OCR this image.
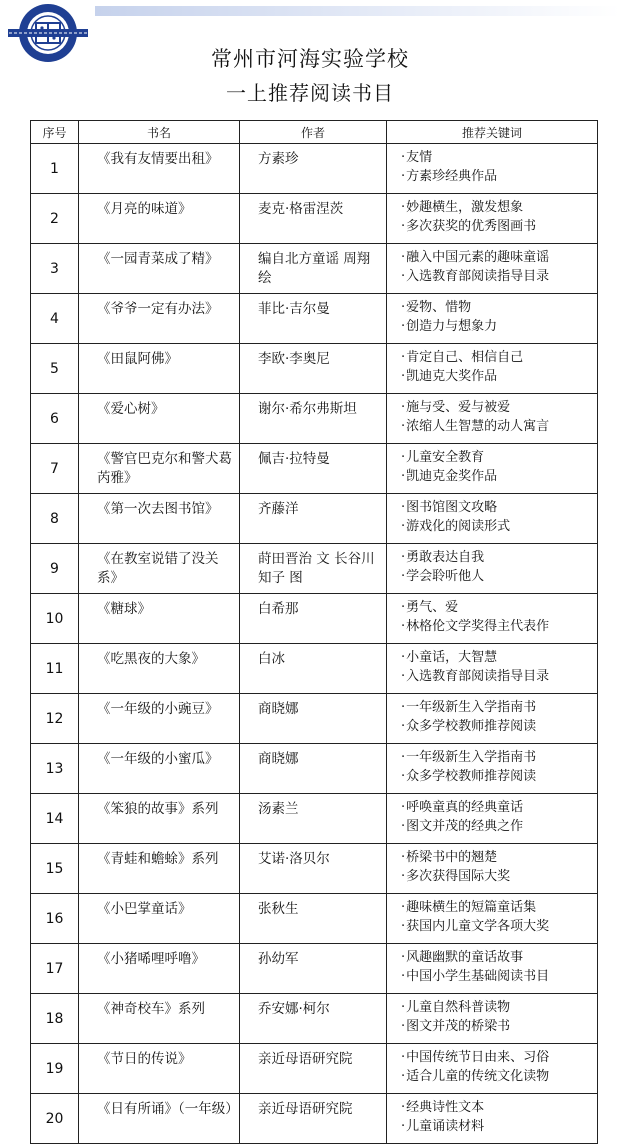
常州市河海实验学校
一上推荐阅读书目
序号	书名	作者	推荐关键词
1	《我有友情要出租》	方素珍	· 友情
· 方素珍经典作品

2	《月亮的味道》	麦克·格雷涅茨	· 妙趣横生，激发想象
· 多次获奖的优秀图画书

3	《一园青菜成了精》	编自北方童谣 周翔 绘	· 融入中国元素的趣味童谣
· 入选教育部阅读指导目录

4	《爷爷一定有办法》	菲比·吉尔曼	· 爱物、惜物
· 创造力与想象力

5	《田鼠阿佛》	李欧·李奥尼	· 肯定自己、相信自己
· 凯迪克大奖作品

6	《爱心树》	谢尔·希尔弗斯坦	· 施与受、爱与被爱
· 浓缩人生智慧的动人寓言

7	《警官巴克尔和警犬葛芮雅》	佩吉·拉特曼	· 儿童安全教育
· 凯迪克金奖作品

8	《第一次去图书馆》	齐藤洋	· 图书馆图文攻略
· 游戏化的阅读形式

9	《在教室说错了没关系》	莳田晋治 文 长谷川知子 图	· 勇敢表达自我
· 学会聆听他人

10	《糖球》	白希那	· 勇气、爱
· 林格伦文学奖得主代表作

11	《吃黑夜的大象》	白冰	· 小童话，大智慧
· 入选教育部阅读指导目录

12	《一年级的小豌豆》	商晓娜	· 一年级新生入学指南书
· 众多学校教师推荐阅读

13	《一年级的小蜜瓜》	商晓娜	· 一年级新生入学指南书
· 众多学校教师推荐阅读

14	《笨狼的故事》系列	汤素兰	· 呼唤童真的经典童话
· 图文并茂的经典之作

15	《青蛙和蟾蜍》系列	艾诺·洛贝尔	· 桥梁书中的翘楚
· 多次获得国际大奖

16	《小巴掌童话》	张秋生	· 趣味横生的短篇童话集
· 获国内儿童文学各项大奖

17	《小猪唏哩呼噜》	孙幼军	· 风趣幽默的童话故事
· 中国小学生基础阅读书目

18	《神奇校车》系列	乔安娜·柯尔	· 儿童自然科普读物
· 图文并茂的桥梁书

19	《节日的传说》	亲近母语研究院	· 中国传统节日由来、习俗
· 适合儿童的传统文化读物

20	《日有所诵》（一年级）	亲近母语研究院	· 经典诗性文本
· 儿童诵读材料
